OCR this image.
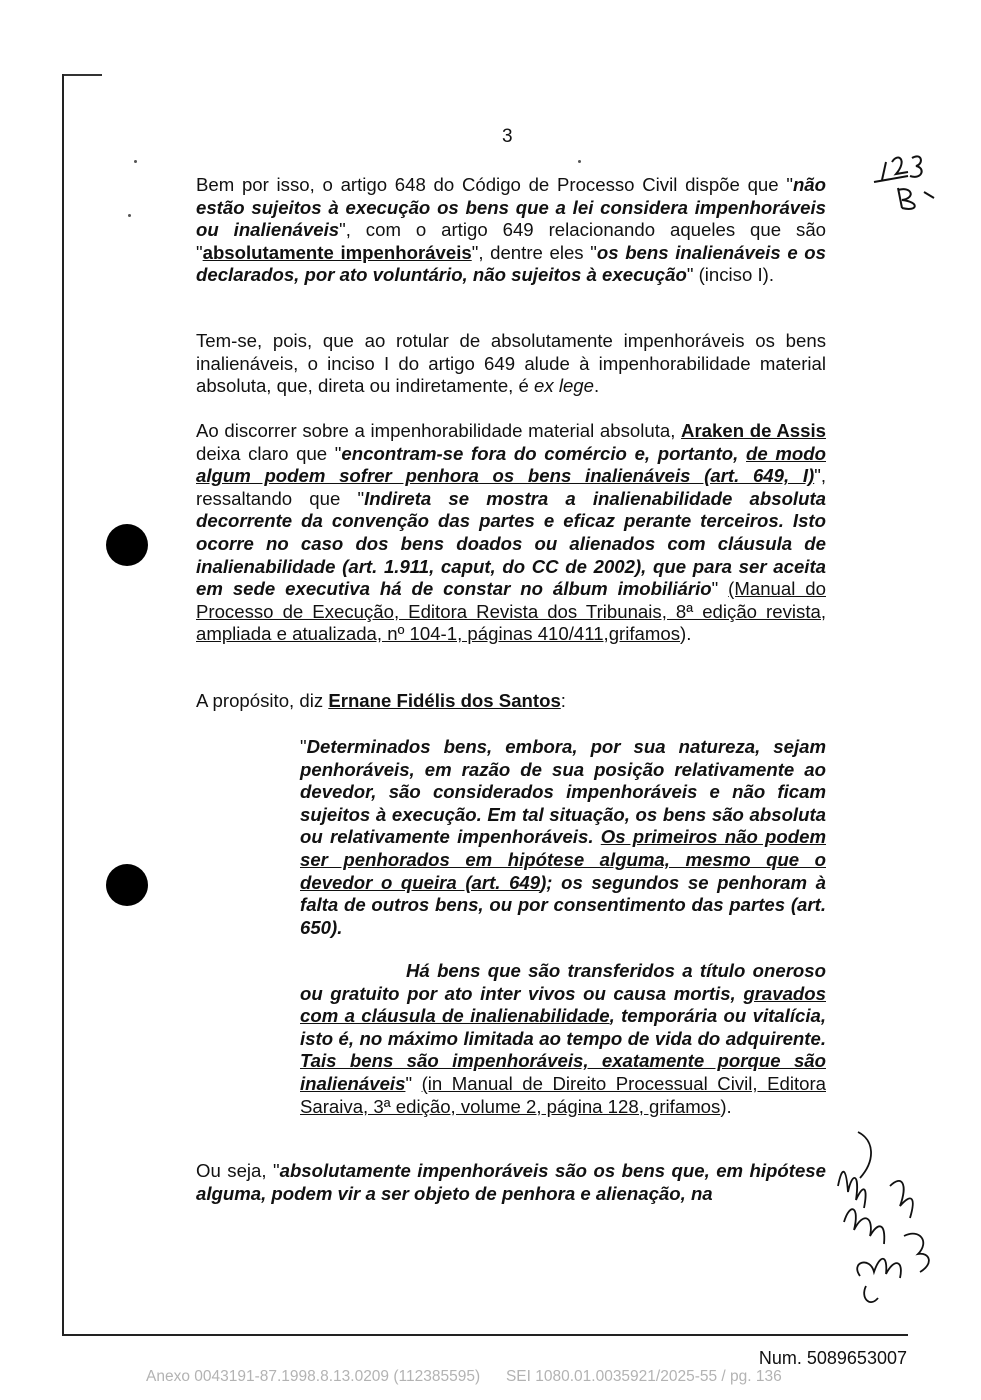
3
Bem por isso, o artigo 648 do Código de Processo Civil dispõe que "não estão sujeitos à execução os bens que a lei considera impenhoráveis ou inalienáveis", com o artigo 649 relacionando aqueles que são "absolutamente impenhoráveis", dentre eles "os bens inalienáveis e os declarados, por ato voluntário, não sujeitos à execução" (inciso I).
Tem-se, pois, que ao rotular de absolutamente impenhoráveis os bens inalienáveis, o inciso I do artigo 649 alude à impenhorabilidade material absoluta, que, direta ou indiretamente, é ex lege.
Ao discorrer sobre a impenhorabilidade material absoluta, Araken de Assis deixa claro que "encontram-se fora do comércio e, portanto, de modo algum podem sofrer penhora os bens inalienáveis (art. 649, I)", ressaltando que "Indireta se mostra a inalienabilidade absoluta decorrente da convenção das partes e eficaz perante terceiros. Isto ocorre no caso dos bens doados ou alienados com cláusula de inalienabilidade (art. 1.911, caput, do CC de 2002), que para ser aceita em sede executiva há de constar no álbum imobiliário" (Manual do Processo de Execução, Editora Revista dos Tribunais, 8ª edição revista, ampliada e atualizada, nº 104-1, páginas 410/411,grifamos).
A propósito, diz Ernane Fidélis dos Santos:
"Determinados bens, embora, por sua natureza, sejam penhoráveis, em razão de sua posição relativamente ao devedor, são considerados impenhoráveis e não ficam sujeitos à execução. Em tal situação, os bens são absoluta ou relativamente impenhoráveis. Os primeiros não podem ser penhorados em hipótese alguma, mesmo que o devedor o queira (art. 649); os segundos se penhoram à falta de outros bens, ou por consentimento das partes (art. 650).
Há bens que são transferidos a título oneroso ou gratuito por ato inter vivos ou causa mortis, gravados com a cláusula de inalienabilidade, temporária ou vitalícia, isto é, no máximo limitada ao tempo de vida do adquirente. Tais bens são impenhoráveis, exatamente porque são inalienáveis" (in Manual de Direito Processual Civil, Editora Saraiva, 3ª edição, volume 2, página 128, grifamos).
Ou seja, "absolutamente impenhoráveis são os bens que, em hipótese alguma, podem vir a ser objeto de penhora e alienação, na
Num. 5089653007
Anexo 0043191-87.1998.8.13.0209 (112385595)      SEI 1080.01.0035921/2025-55 / pg. 136
